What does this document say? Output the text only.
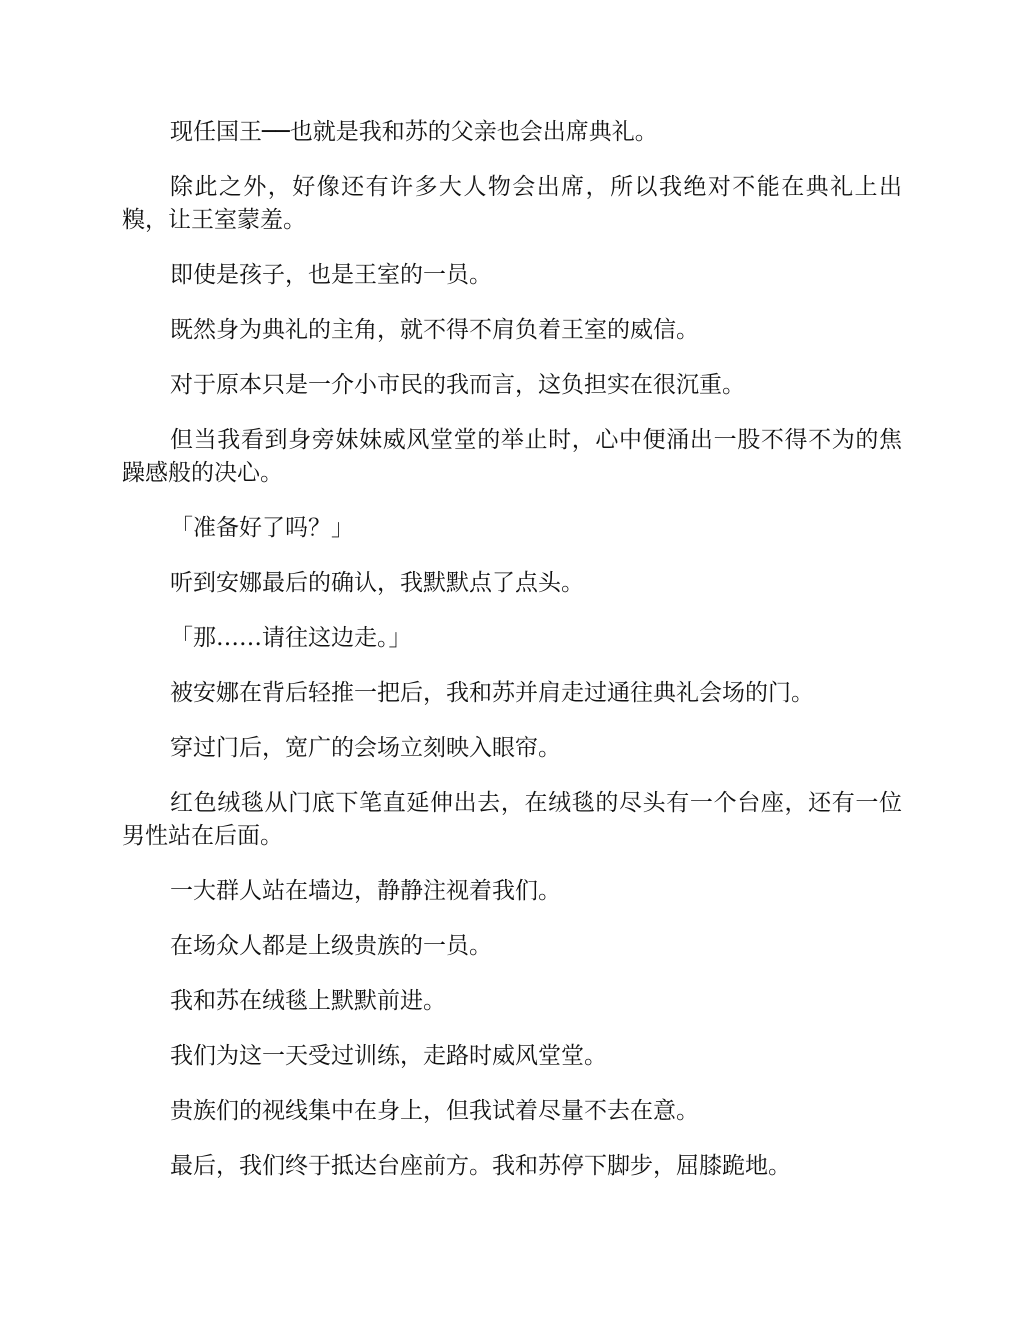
现任国王──也就是我和苏的父亲也会出席典礼。

除此之外，好像还有许多大人物会出席，所以我绝对不能在典礼上出糗，让王室蒙羞。

即使是孩子，也是王室的一员。

既然身为典礼的主角，就不得不肩负着王室的威信。

对于原本只是一介小市民的我而言，这负担实在很沉重。

但当我看到身旁妹妹威风堂堂的举止时，心中便涌出一股不得不为的焦躁感般的决心。

「准备好了吗？」

听到安娜最后的确认，我默默点了点头。

「那……请往这边走。」

被安娜在背后轻推一把后，我和苏并肩走过通往典礼会场的门。

穿过门后，宽广的会场立刻映入眼帘。

红色绒毯从门底下笔直延伸出去，在绒毯的尽头有一个台座，还有一位男性站在后面。

一大群人站在墙边，静静注视着我们。

在场众人都是上级贵族的一员。

我和苏在绒毯上默默前进。

我们为这一天受过训练，走路时威风堂堂。

贵族们的视线集中在身上，但我试着尽量不去在意。

最后，我们终于抵达台座前方。我和苏停下脚步，屈膝跪地。
